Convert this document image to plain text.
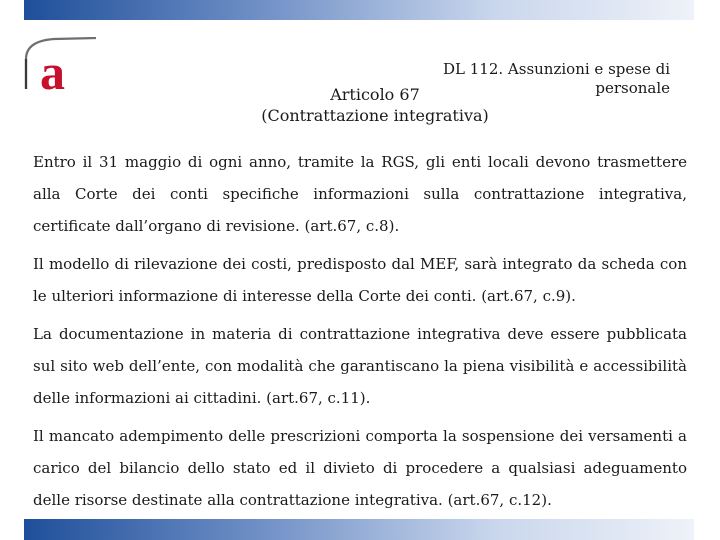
a	DL 112. Assunzioni e spese di
personale
Articolo 67
(Contrattazione integrativa)

Entro il 31 maggio di ogni anno, tramite la RGS, gli enti locali devono trasmettere alla Corte dei conti specifiche informazioni sulla contrattazione integrativa, certificate dall’organo di revisione. (art.67, c.8).

Il modello di rilevazione dei costi, predisposto dal MEF, sarà integrato da scheda con le ulteriori informazione di interesse della Corte dei conti. (art.67, c.9).

La documentazione in materia di contrattazione integrativa deve essere pubblicata sul sito web dell’ente, con modalità che garantiscano la piena visibilità e accessibilità delle informazioni ai cittadini. (art.67, c.11).

Il mancato adempimento delle prescrizioni comporta la sospensione dei versamenti a carico del bilancio dello stato ed il divieto di procedere a qualsiasi adeguamento delle risorse destinate alla contrattazione integrativa. (art.67, c.12).
